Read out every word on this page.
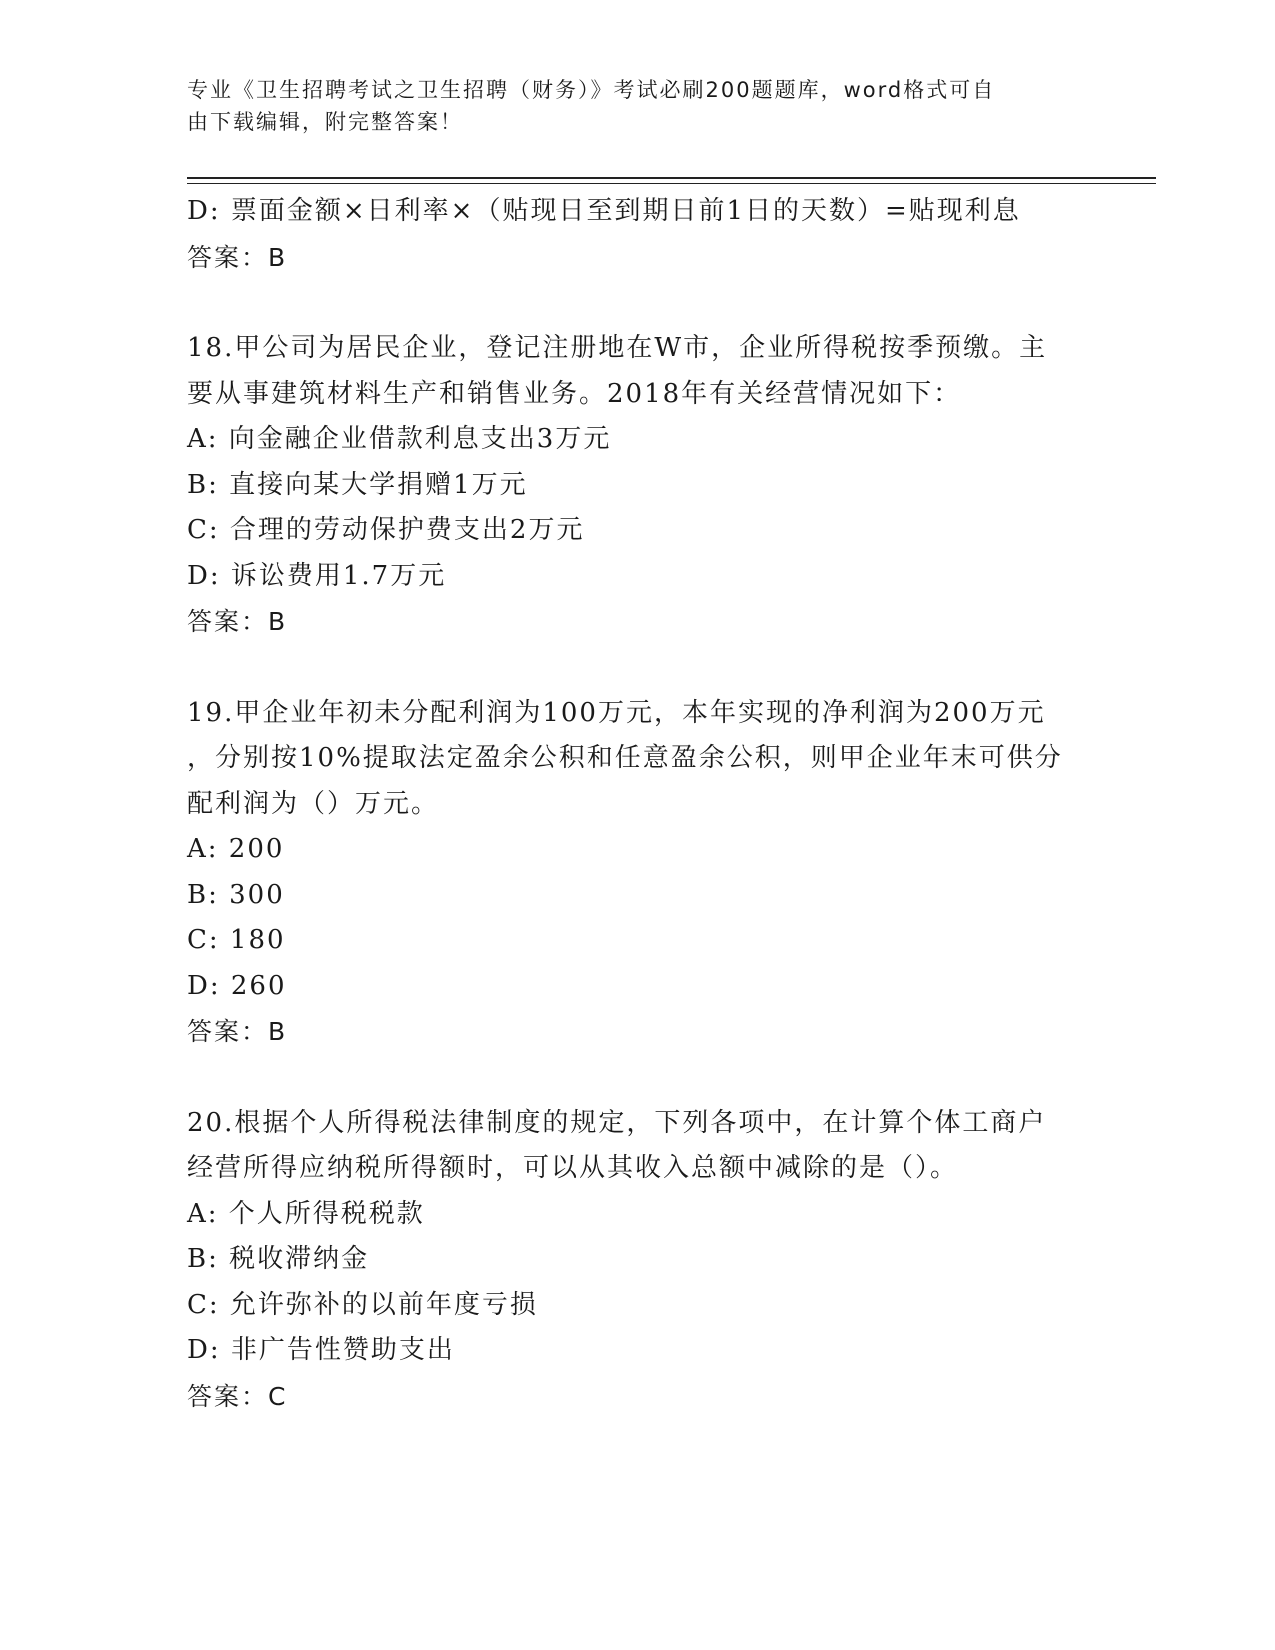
专业《卫生招聘考试之卫生招聘（财务）》考试必刷200题题库，word格式可自
由下载编辑，附完整答案！
D: 票面金额×日利率×（贴现日至到期日前1日的天数）=贴现利息
答案：B
18.甲公司为居民企业，登记注册地在W市，企业所得税按季预缴。主
要从事建筑材料生产和销售业务。2018年有关经营情况如下：
A: 向金融企业借款利息支出3万元
B: 直接向某大学捐赠1万元
C: 合理的劳动保护费支出2万元
D: 诉讼费用1.7万元
答案：B
19.甲企业年初未分配利润为100万元，本年实现的净利润为200万元
，分别按10%提取法定盈余公积和任意盈余公积，则甲企业年末可供分
配利润为（）万元。
A: 200
B: 300
C: 180
D: 260
答案：B
20.根据个人所得税法律制度的规定，下列各项中，在计算个体工商户
经营所得应纳税所得额时，可以从其收入总额中减除的是（）。
A: 个人所得税税款
B: 税收滞纳金
C: 允许弥补的以前年度亏损
D: 非广告性赞助支出
答案：C
